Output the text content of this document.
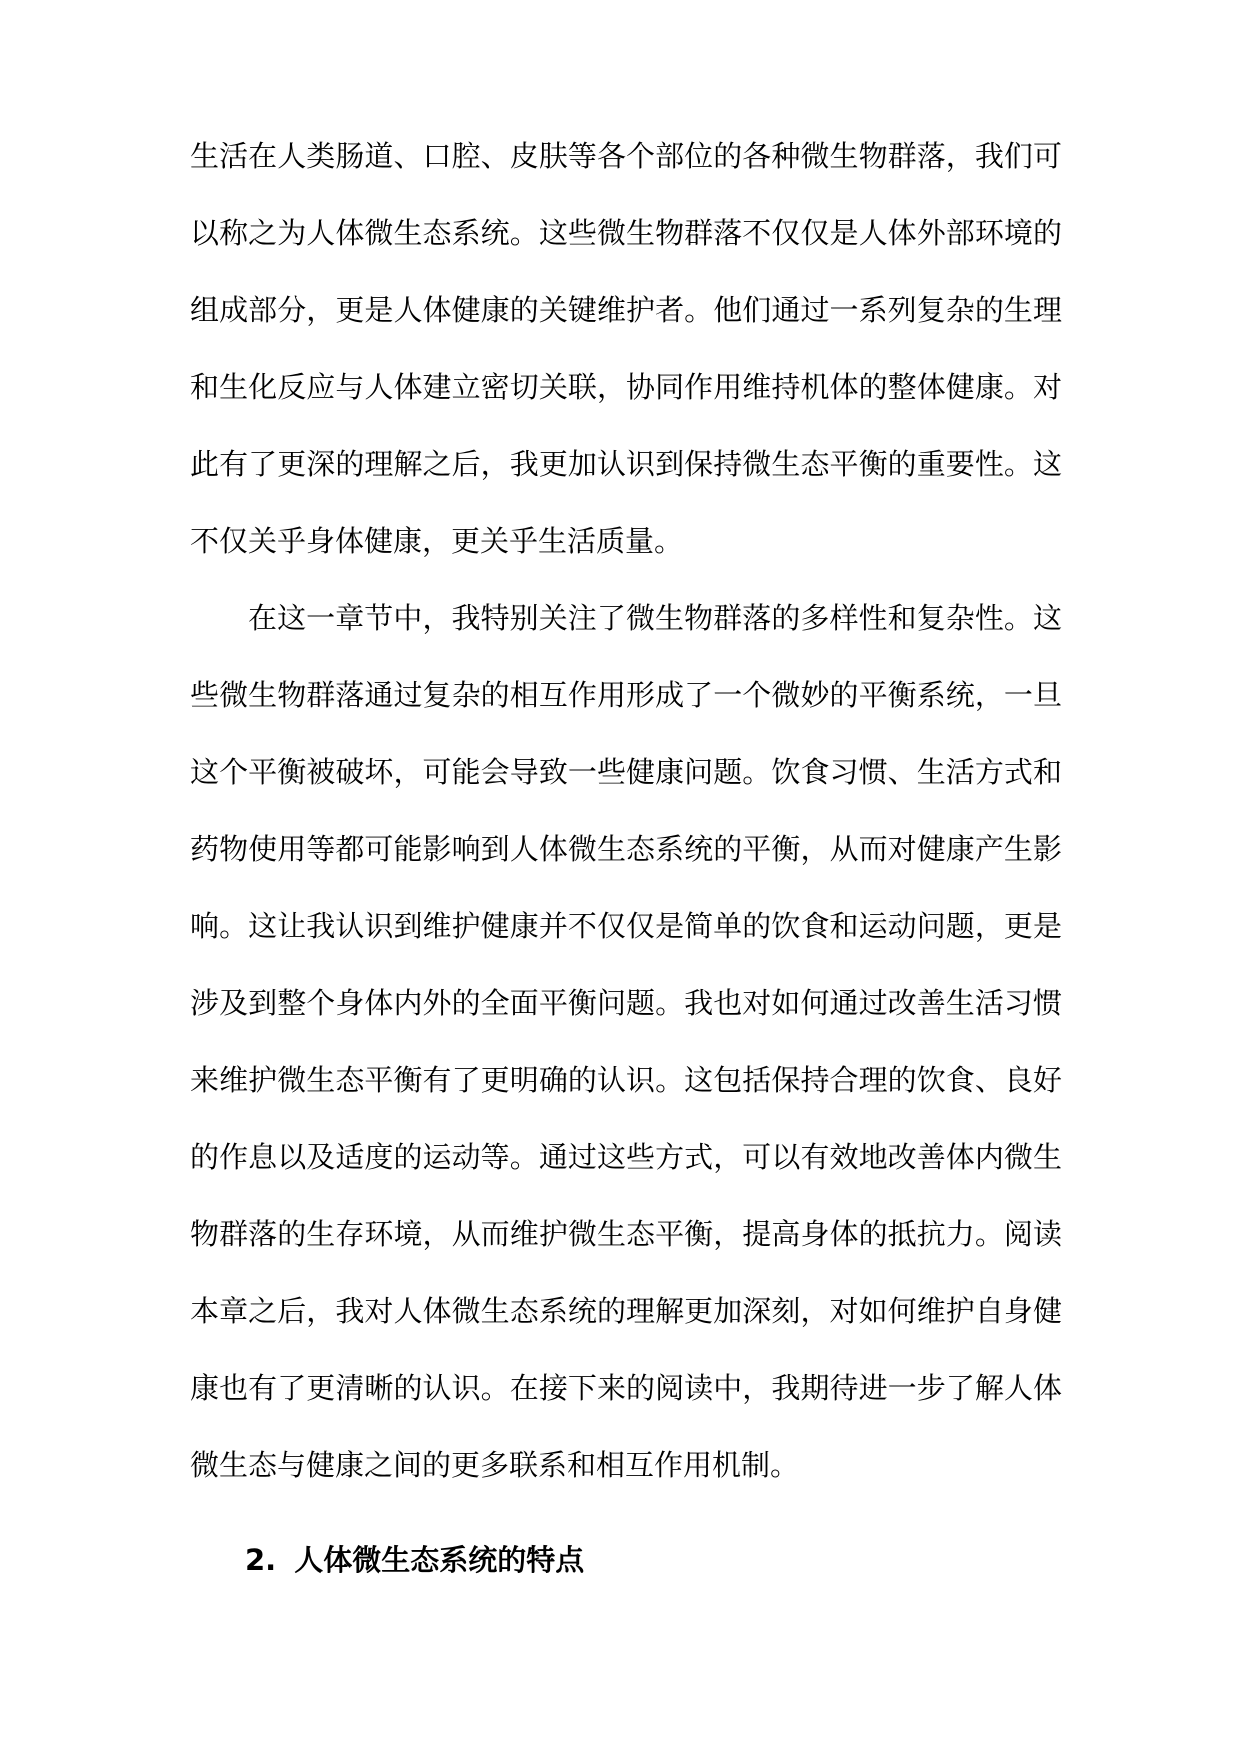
生活在人类肠道、口腔、皮肤等各个部位的各种微生物群落，我们可
以称之为人体微生态系统。这些微生物群落不仅仅是人体外部环境的
组成部分，更是人体健康的关键维护者。他们通过一系列复杂的生理
和生化反应与人体建立密切关联，协同作用维持机体的整体健康。对
此有了更深的理解之后，我更加认识到保持微生态平衡的重要性。这
不仅关乎身体健康，更关乎生活质量。
在这一章节中，我特别关注了微生物群落的多样性和复杂性。这
些微生物群落通过复杂的相互作用形成了一个微妙的平衡系统，一旦
这个平衡被破坏，可能会导致一些健康问题。饮食习惯、生活方式和
药物使用等都可能影响到人体微生态系统的平衡，从而对健康产生影
响。这让我认识到维护健康并不仅仅是简单的饮食和运动问题，更是
涉及到整个身体内外的全面平衡问题。我也对如何通过改善生活习惯
来维护微生态平衡有了更明确的认识。这包括保持合理的饮食、良好
的作息以及适度的运动等。通过这些方式，可以有效地改善体内微生
物群落的生存环境，从而维护微生态平衡，提高身体的抵抗力。阅读
本章之后，我对人体微生态系统的理解更加深刻，对如何维护自身健
康也有了更清晰的认识。在接下来的阅读中，我期待进一步了解人体
微生态与健康之间的更多联系和相互作用机制。
2. 人体微生态系统的特点
